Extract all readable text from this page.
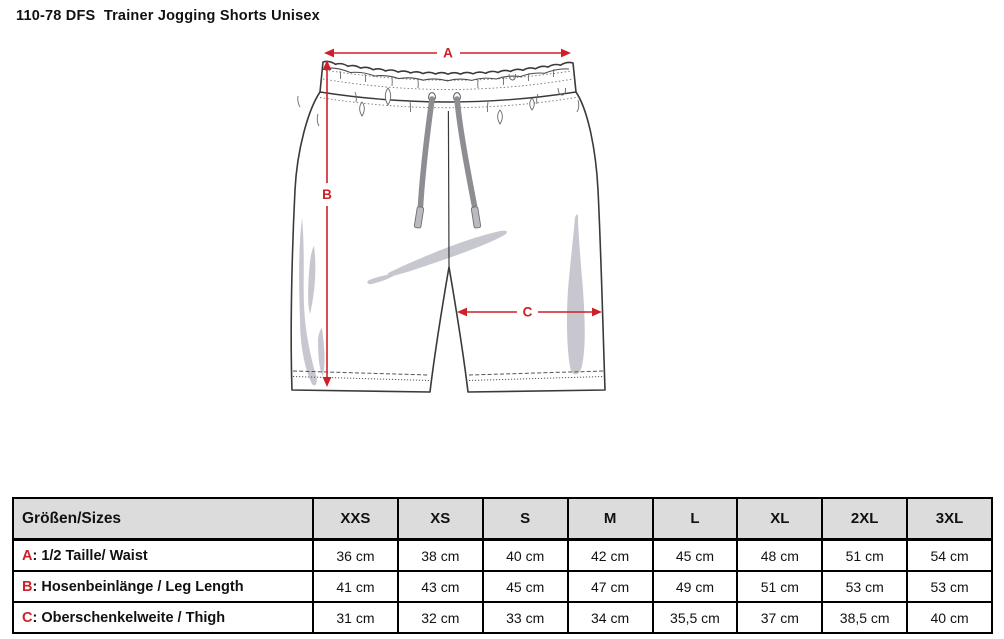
110-78 DFS  Trainer Jogging Shorts Unisex
A
B
C
Größen/Sizes	XXS	XS	S	M	L	XL	2XL	3XL
A: 1/2 Taille/ Waist	36 cm	38 cm	40 cm	42 cm	45 cm	48 cm	51 cm	54 cm
B: Hosenbeinlänge / Leg Length	41 cm	43 cm	45 cm	47 cm	49 cm	51 cm	53 cm	53 cm
C: Oberschenkelweite / Thigh	31 cm	32 cm	33 cm	34 cm	35,5 cm	37 cm	38,5 cm	40 cm
